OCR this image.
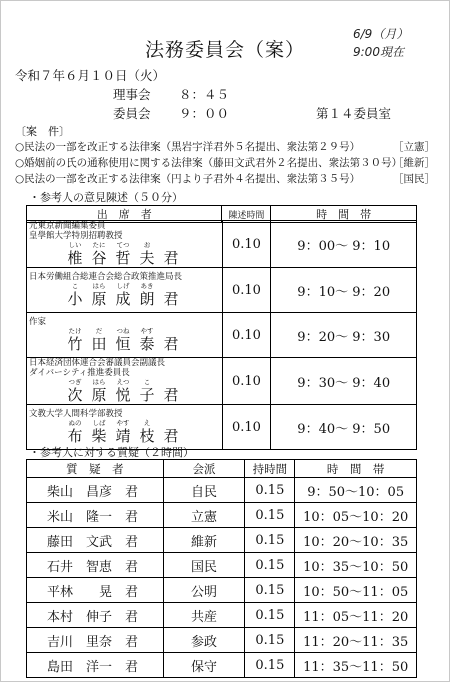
法務委員会（案）
6/9（月）
9:00現在
令和７年６月１０日（火）
理事会 ８：４５
委員会 ９：００	第１４委員室
〔案　件〕
○民法の一部を改正する法律案（黒岩宇洋君外５名提出、衆法第２９号）	［立憲］
○婚姻前の氏の通称使用に関する法律案（藤田文武君外２名提出、衆法第３０号）
［維新］
○民法の一部を改正する法律案（円より子君外４名提出、衆法第３５号）	［国民］
・参考人の意見陳述（５０分）
出　席　者	陳述時間	時　間　帯
元東京新聞編集委員
皇學館大学特別招聘教授
しい たに てつ お
椎 谷 哲 夫 君	0.10	9：00～ 9：10

日本労働組合総連合会総合政策推進局長
こ はら しげ あき
小 原 成 朗 君	0.10	9：10～ 9：20

作家
たけ だ つね やす
竹 田 恒 泰 君	0.10	9：20～ 9：30

日本経済団体連合会審議員会副議長
ダイバーシティ推進委員長
つぎ はら えつ こ
次 原 悦 子 君	0.10	9：30～ 9：40

文教大学人間科学部教授
ぬの しば やす え
布 柴 靖 枝 君	0.10	9：40～ 9：50
・参考人に対する質疑（２時間）
質　疑　者	会派	持時間	時　間　帯
柴山　昌彦　君	自民	0.15	9：50～10：05
米山　隆一　君	立憲	0.15	10：05～10：20
藤田　文武　君	維新	0.15	10：20～10：35
石井　智恵　君	国民	0.15	10：35～10：50
平林　　晃　君	公明	0.15	10：50～11：05
本村　伸子　君	共産	0.15	11：05～11：20
吉川　里奈　君	参政	0.15	11：20～11：35
島田　洋一　君	保守	0.15	11：35～11：50
